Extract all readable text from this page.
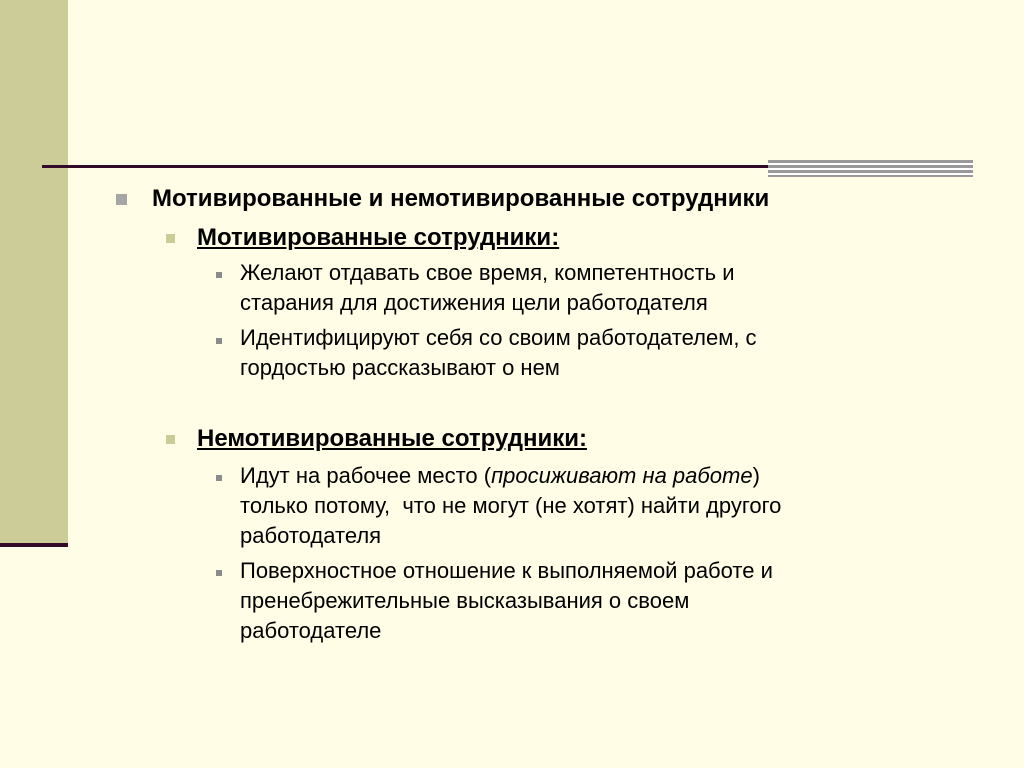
Мотивированные и немотивированные сотрудники

Мотивированные сотрудники:

Желают отдавать свое время, компетентность и
старания для достижения цели работодателя
Идентифицируют себя со своим работодателем, с
гордостью рассказывают о нем

Немотивированные сотрудники:

Идут на рабочее место (просиживают на работе)
только потому,  что не могут (не хотят) найти другого
работодателя
Поверхностное отношение к выполняемой работе и
пренебрежительные высказывания о своем
работодателе
